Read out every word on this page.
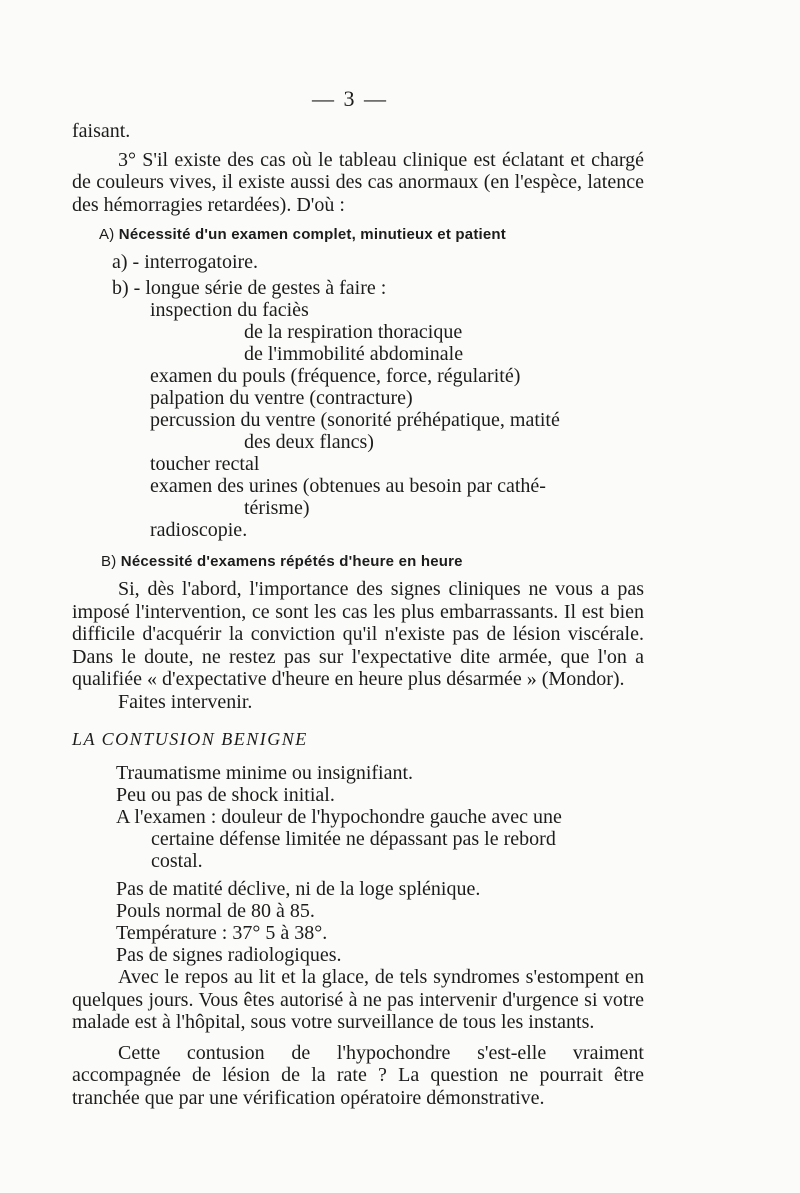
— 3 —

faisant.

3° S'il existe des cas où le tableau clinique est éclatant et chargé de couleurs vives, il existe aussi des cas anormaux (en l'espèce, latence des hémorragies retardées). D'où :

A) Nécessité d'un examen complet, minutieux et patient
a) - interrogatoire.
b) - longue série de gestes à faire :
inspection du faciès
de la respiration thoracique
de l'immobilité abdominale
examen du pouls (fréquence, force, régularité)
palpation du ventre (contracture)
percussion du ventre (sonorité préhépatique, matité
des deux flancs)
toucher rectal
examen des urines (obtenues au besoin par cathé-
térisme)
radioscopie.
B) Nécessité d'examens répétés d'heure en heure

Si, dès l'abord, l'importance des signes cliniques ne vous a pas imposé l'intervention, ce sont les cas les plus embarrassants. Il est bien difficile d'acquérir la conviction qu'il n'existe pas de lésion viscérale. Dans le doute, ne restez pas sur l'expectative dite armée, que l'on a qualifiée « d'expectative d'heure en heure plus désarmée » (Mondor).

Faites intervenir.

LA CONTUSION BENIGNE
Traumatisme minime ou insignifiant.
Peu ou pas de shock initial.
A l'examen : douleur de l'hypochondre gauche avec une
certaine défense limitée ne dépassant pas le rebord
costal.
Pas de matité déclive, ni de la loge splénique.
Pouls normal de 80 à 85.
Température : 37° 5 à 38°.
Pas de signes radiologiques.

Avec le repos au lit et la glace, de tels syndromes s'estompent en quelques jours. Vous êtes autorisé à ne pas intervenir d'urgence si votre malade est à l'hôpital, sous votre surveillance de tous les instants.

Cette contusion de l'hypochondre s'est-elle vraiment accompagnée de lésion de la rate ? La question ne pourrait être tranchée que par une vérification opératoire démonstrative.
